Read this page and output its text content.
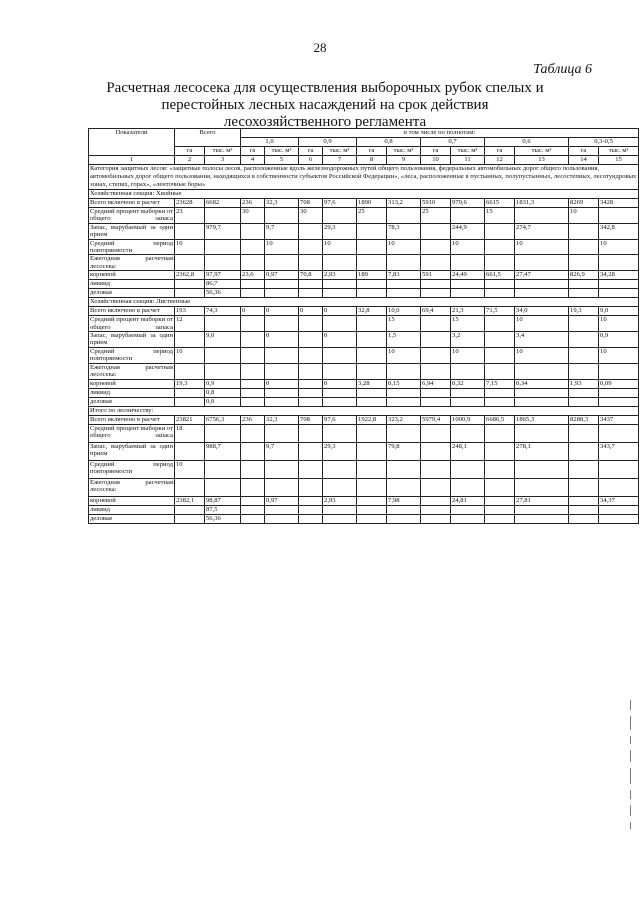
28
Таблица 6
Расчетная лесосека для осуществления выборочных рубок спелых и
перестойных лесных насаждений на срок действия
лесохозяйственного регламента
Показатели	Всего		в том числе по полнотам:											
			1,0		0,9		0,8		0,7		0,6		0,3-0,5	
	га	тыс. м³	га	тыс. м³	га	тыс. м³	га	тыс. м³	га	тыс. м³	га	тыс. м³	га	тыс. м³
1	2	3	4	5	6	7	8	9	10	11	12	13	14	15
Категория защитных лесов: «защитные полосы лесов, расположенные вдоль железнодорожных путей общего пользования, федеральных автомобильных дорог общего пользования, автомобильных дорог общего пользования, находящихся в собственности субъектов Российской Федерации», «леса, расположенные в пустынных, полупустынных, лесостепных, лесотундровых зонах, степях, горах», «ленточные боры»														
Хозяйственная секция: Хвойные														
Всего включено в расчет	23628	6682	236	32,3	708	97,6	1890	313,2	5910	979,6	6615	1831,3	8269	3428
Средний процент выборки от общего запаса	23		30		30		25		25		15		10	
Запас, вырубаемый за один прием		979,7		9,7		29,3		78,3		244,9		274,7		342,8
Средний период повторяемости	10			10		10		10		10		10		10
Ежегодная расчетная лесосека:														
корневой	2362,8	97,97	23,6	0,97	70,8	2,93	189	7,83	591	24,49	661,5	27,47	826,9	34,28
ликвид		86,7												
деловая		56,36												
Хозяйственная секция: Лиственные														
Всего включено в расчет	193	74,3	0	0	0	0	32,8	10,0	69,4	21,3	71,5	34,0	19,3	9,0
Средний процент выборки от общего запаса	12							15		15		10		10
Запас, вырубаемый за один прием		9,0		0		0		1,5		3,2		3,4		0,9
Средний период повторяемости	10							10		10		10		10
Ежегодная расчетная лесосека:														
корневой	19,3	0,9		0		0	3,28	0,15	6,94	0,32	7,15	0,34	1,93	0,09
ликвид		0,8												
деловая		0,0												
Итого по лесничеству:														
Всего включено в расчет	23821	6756,3	236	32,3	708	97,6	1922,8	323,2	5979,4	1000,9	6686,5	1865,3	8288,3	3437
Средний процент выборки от общего запаса	18													
Запас, вырубаемый за один прием		988,7		9,7		29,3		79,8		248,1		278,1		343,7
Средний период повторяемости	10													
Ежегодная расчетная лесосека:														
корневой	2382,1	98,87		0,97		2,93		7,98		24,81		27,81		34,37
ликвид		87,5												
деловая		56,36												
